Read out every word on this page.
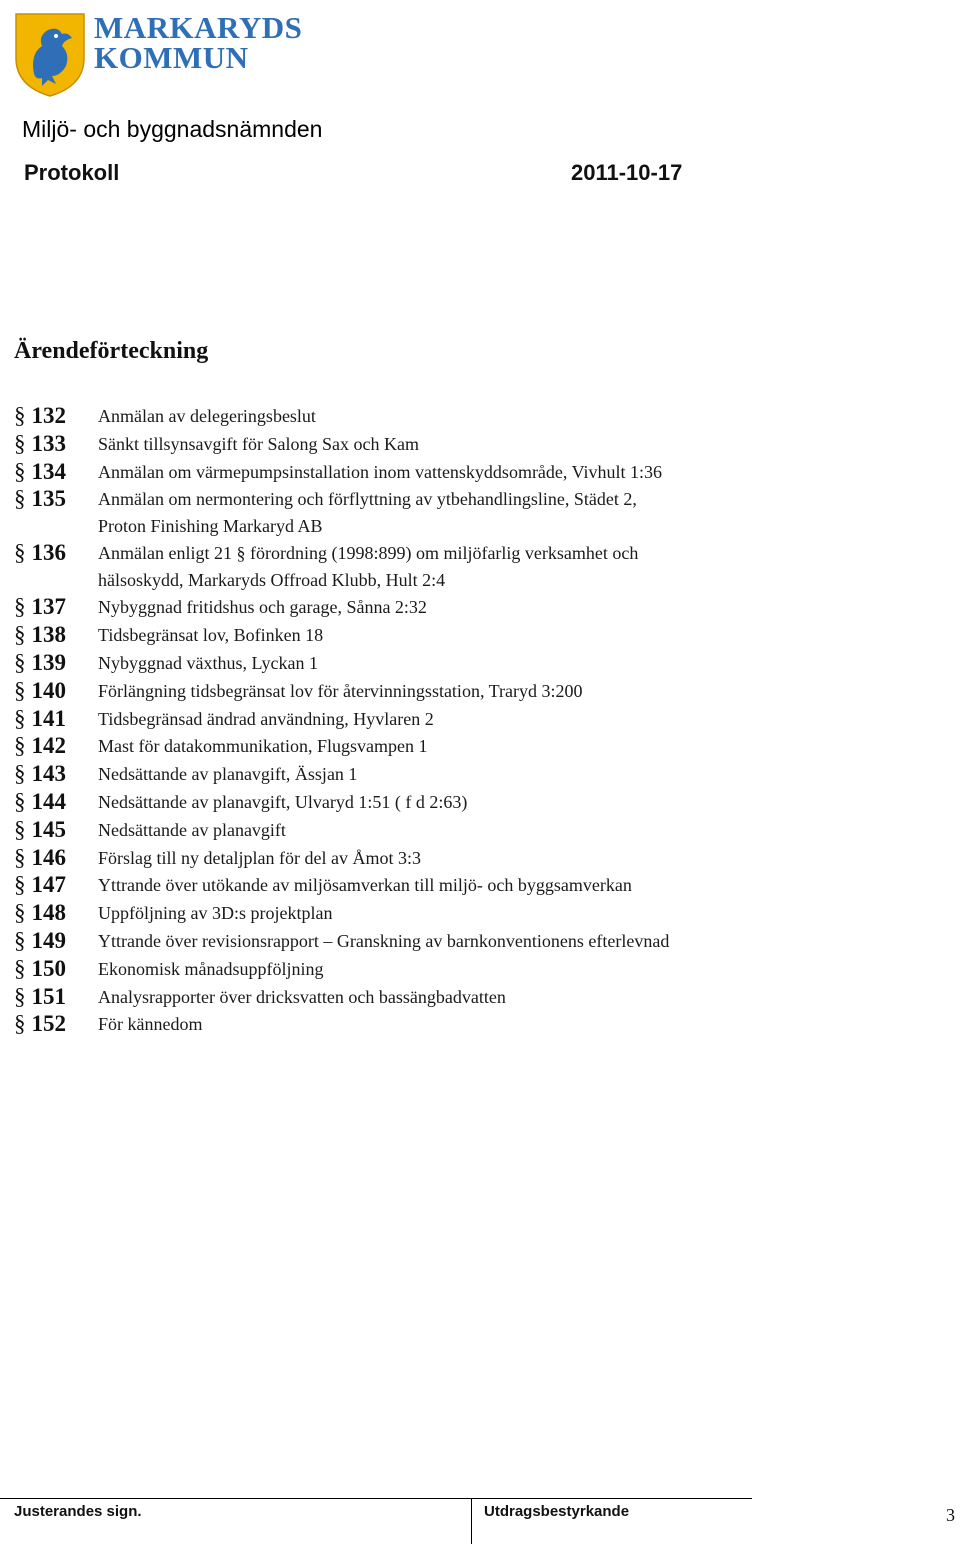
MARKARYDS
KOMMUN
Miljö- och byggnadsnämnden
Protokoll	2011-10-17
Ärendeförteckning
§ 132	Anmälan av delegeringsbeslut
§ 133	Sänkt tillsynsavgift för Salong Sax och Kam
§ 134	Anmälan om värmepumpsinstallation inom vattenskyddsområde, Vivhult 1:36
§ 135	Anmälan om nermontering och förflyttning av ytbehandlingsline, Städet 2,
Proton Finishing Markaryd AB
§ 136	Anmälan enligt 21 § förordning (1998:899) om miljöfarlig verksamhet och
hälsoskydd, Markaryds Offroad Klubb, Hult 2:4
§ 137	Nybyggnad fritidshus och garage, Sånna 2:32
§ 138	Tidsbegränsat lov, Bofinken 18
§ 139	Nybyggnad växthus, Lyckan 1
§ 140	Förlängning tidsbegränsat lov för återvinningsstation, Traryd 3:200
§ 141	Tidsbegränsad ändrad användning, Hyvlaren 2
§ 142	Mast för datakommunikation, Flugsvampen 1
§ 143	Nedsättande av planavgift, Ässjan 1
§ 144	Nedsättande av planavgift, Ulvaryd 1:51 ( f d 2:63)
§ 145	Nedsättande av planavgift
§ 146	Förslag till ny detaljplan för del av Åmot 3:3
§ 147	Yttrande över utökande av miljösamverkan till miljö- och byggsamverkan
§ 148	Uppföljning av 3D:s projektplan
§ 149	Yttrande över revisionsrapport – Granskning av barnkonventionens efterlevnad
§ 150	Ekonomisk månadsuppföljning
§ 151	Analysrapporter över dricksvatten och bassängbadvatten
§ 152	För kännedom
Justerandes sign.	Utdragsbestyrkande	3
